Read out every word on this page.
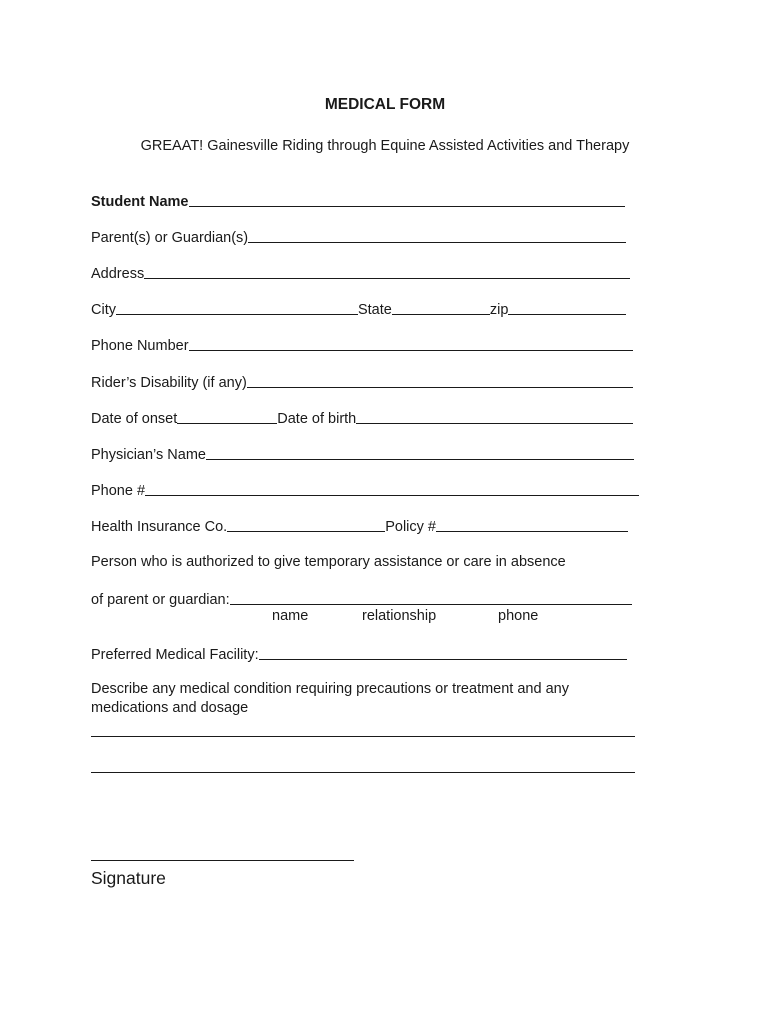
MEDICAL FORM
GREAAT! Gainesville Riding through Equine Assisted Activities and Therapy
Student Name
Parent(s) or Guardian(s)
Address
City	State	zip
Phone Number
Rider’s Disability (if any)
Date of onset	Date of birth
Physician’s Name
Phone #
Health Insurance Co.	Policy #
Person who is authorized to give temporary assistance or care in absence
of parent or guardian:
name	relationship	phone
Preferred Medical Facility:
Describe any medical condition requiring precautions or treatment and any
medications and dosage
Signature
